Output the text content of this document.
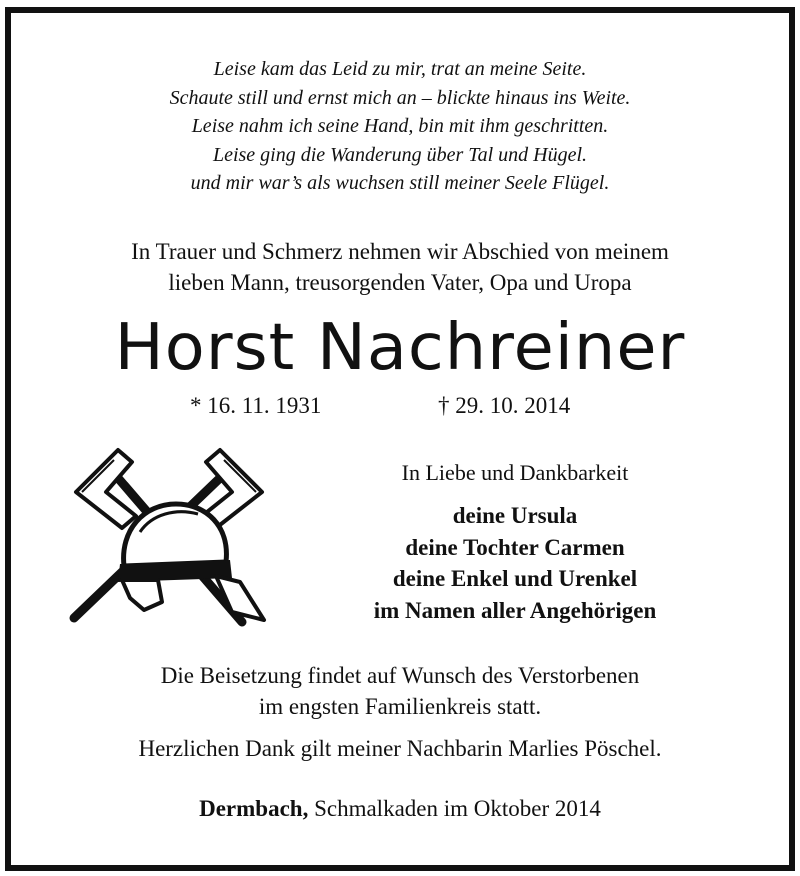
Leise kam das Leid zu mir, trat an meine Seite.
Schaute still und ernst mich an – blickte hinaus ins Weite.
Leise nahm ich seine Hand, bin mit ihm geschritten.
Leise ging die Wanderung über Tal und Hügel.
und mir war’s als wuchsen still meiner Seele Flügel.
In Trauer und Schmerz nehmen wir Abschied von meinem
lieben Mann, treusorgenden Vater, Opa und Uropa
Horst Nachreiner
* 16. 11. 1931	† 29. 10. 2014
In Liebe und Dankbarkeit
deine Ursula
deine Tochter Carmen
deine Enkel und Urenkel
im Namen aller Angehörigen
Die Beisetzung findet auf Wunsch des Verstorbenen
im engsten Familienkreis statt.
Herzlichen Dank gilt meiner Nachbarin Marlies Pöschel.
Dermbach, Schmalkaden im Oktober 2014
